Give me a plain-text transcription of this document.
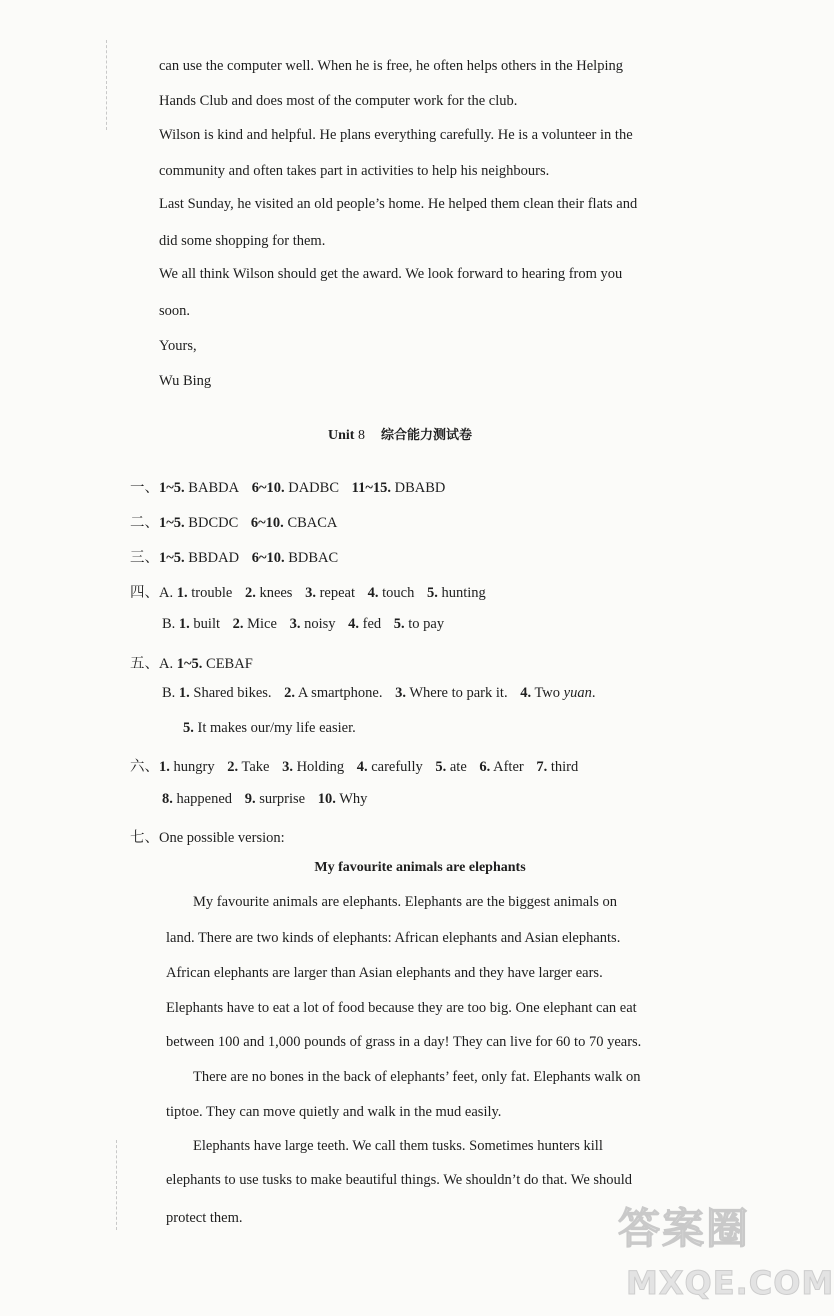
can use the computer well. When he is free, he often helps others in the Helping
Hands Club and does most of the computer work for the club.
Wilson is kind and helpful. He plans everything carefully. He is a volunteer in the
community and often takes part in activities to help his neighbours.
Last Sunday, he visited an old people’s home. He helped them clean their flats and
did some shopping for them.
We all think Wilson should get the award. We look forward to hearing from you
soon.
Yours,
Wu Bing
Unit 8 综合能力测试卷
一、1~5. BABDA 6~10. DADBC 11~15. DBABD
二、1~5. BDCDC 6~10. CBACA
三、1~5. BBDAD 6~10. BDBAC
四、A. 1. trouble 2. knees 3. repeat 4. touch 5. hunting
B. 1. built 2. Mice 3. noisy 4. fed 5. to pay
五、A. 1~5. CEBAF
B. 1. Shared bikes. 2. A smartphone. 3. Where to park it. 4. Two yuan.
5. It makes our/my life easier.
六、1. hungry 2. Take 3. Holding 4. carefully 5. ate 6. After 7. third
8. happened 9. surprise 10. Why
七、One possible version:
My favourite animals are elephants
My favourite animals are elephants. Elephants are the biggest animals on
land. There are two kinds of elephants: African elephants and Asian elephants.
African elephants are larger than Asian elephants and they have larger ears.
Elephants have to eat a lot of food because they are too big. One elephant can eat
between 100 and 1,000 pounds of grass in a day! They can live for 60 to 70 years.
There are no bones in the back of elephants’ feet, only fat. Elephants walk on
tiptoe. They can move quietly and walk in the mud easily.
Elephants have large teeth. We call them tusks. Sometimes hunters kill
elephants to use tusks to make beautiful things. We shouldn’t do that. We should
protect them.	答案圈
MXQE.COM
